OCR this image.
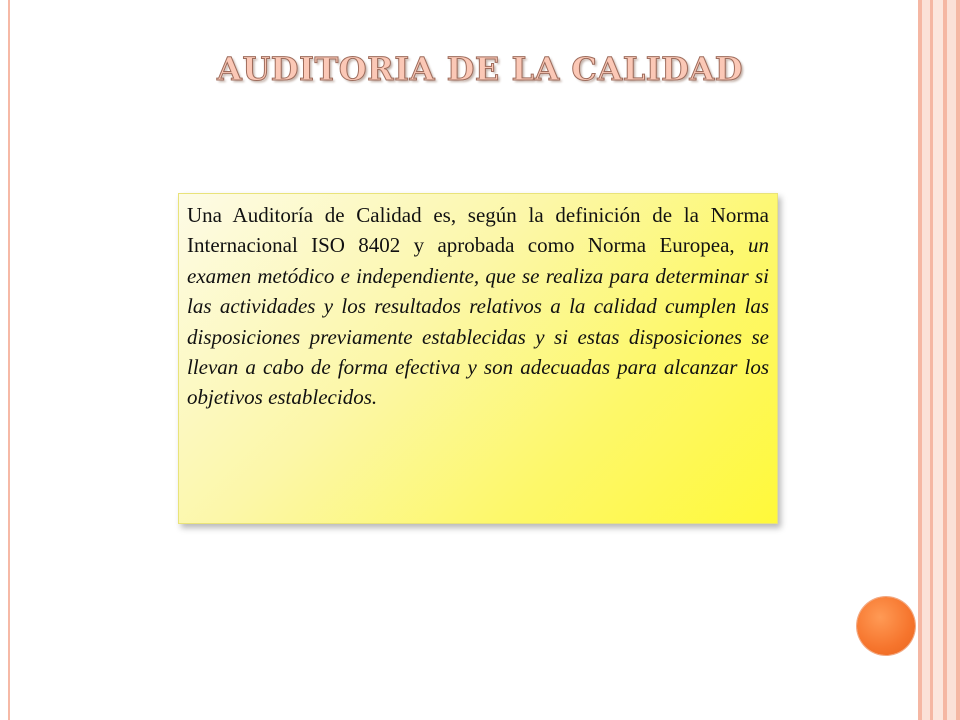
AUDITORIA DE LA CALIDAD
Una Auditoría de Calidad es, según la definición de la Norma Internacional ISO 8402 y aprobada como Norma Europea, un examen metódico e independiente, que se realiza para determinar si las actividades y los resultados relativos a la calidad cumplen las disposiciones previamente establecidas y si estas disposiciones se llevan a cabo de forma efectiva y son adecuadas para alcanzar los objetivos establecidos.
